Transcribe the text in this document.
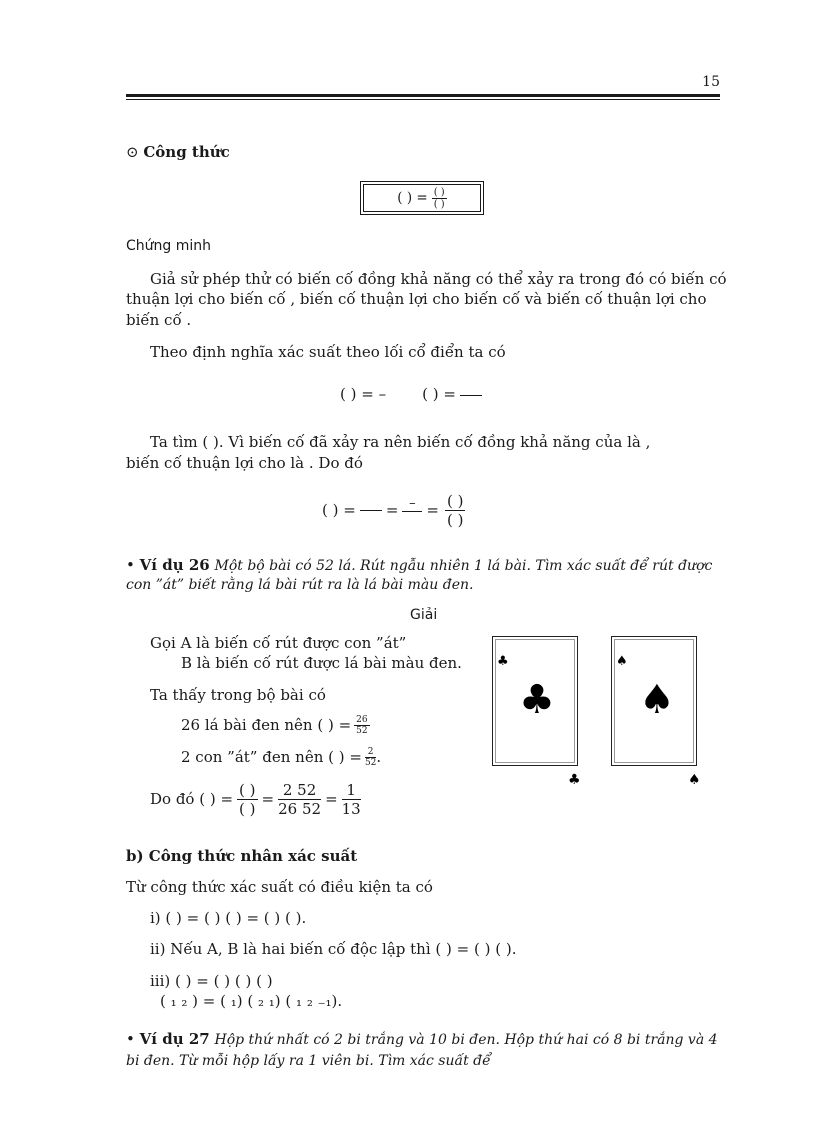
15
⊙ Công thức
( ) = $\frac{( )}{( )}$
Chứng minh
Giả sử phép thử có biến cố đồng khả năng có thể xảy ra trong đó có biến có
thuận lợi cho biến cố , biến cố thuận lợi cho biến cố và biến cố thuận lợi cho
biến cố .
Theo định nghĩa xác suất theo lối cổ điển ta có
( ) = – ( ) =
Ta tìm ( ). Vì biến cố đã xảy ra nên biến cố đồng khả năng của là ,
biến cố thuận lợi cho là . Do đó
( ) = = – = $\frac{( )}{( )}$
• Ví dụ 26 Một bộ bài có 52 lá. Rút ngẫu nhiên 1 lá bài. Tìm xác suất để rút được
con ”át” biết rằng lá bài rút ra là lá bài màu đen.
Giải
Gọi A là biến cố rút được con ”át”
B là biến cố rút được lá bài màu đen.
Ta thấy trong bộ bài có
26 lá bài đen nên ( ) = $\frac{26}{52}$
2 con ”át” đen nên ( ) = $\frac{2}{52}$ .
Do đó ( ) = $\frac{( )}{( )} = \frac{2 52}{26 52} = \frac{1}{13}$
♣
♣
♣
♠
♠
♠
b) Công thức nhân xác suất
Từ công thức xác suất có điều kiện ta có
i) ( ) = ( ) ( ) = ( ) ( ).
ii) Nếu A, B là hai biến cố độc lập thì ( ) = ( ) ( ).
iii) ( ) = ( ) ( ) ( )
( ₁ ₂ ) = ( ₁) ( ₂ ₁) ( ₁ ₂ ₋₁).
• Ví dụ 27 Hộp thứ nhất có 2 bi trắng và 10 bi đen. Hộp thứ hai có 8 bi trắng và 4
bi đen. Từ mỗi hộp lấy ra 1 viên bi. Tìm xác suất để
